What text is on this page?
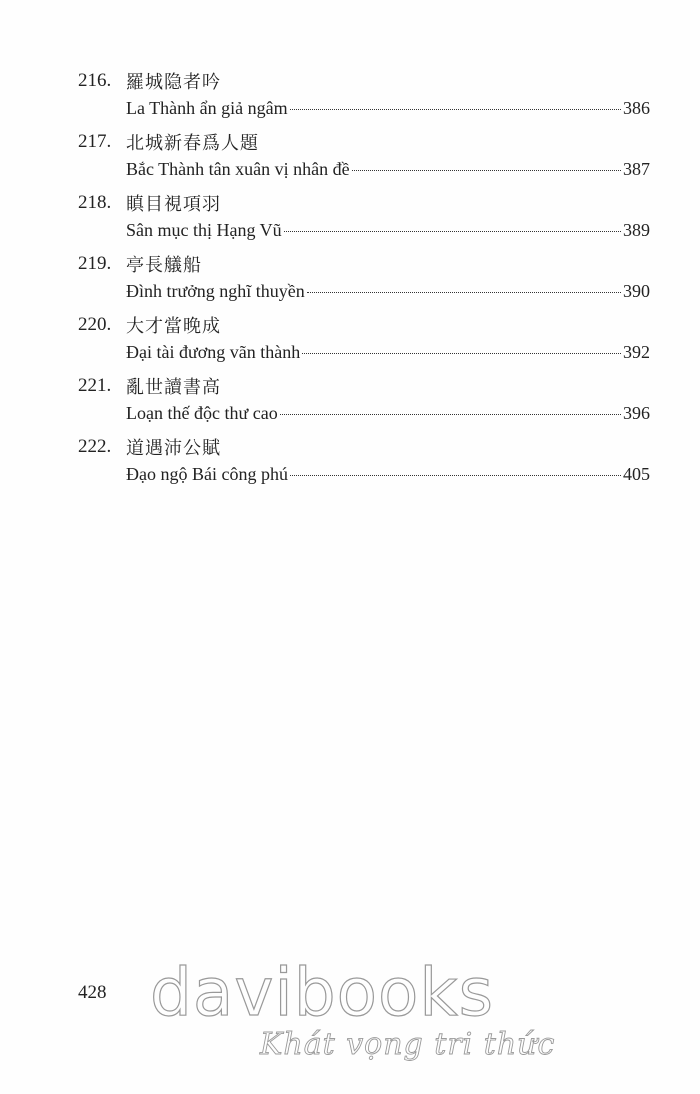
216. 羅城隐者吟
La Thành ẩn giả ngâm	386
217. 北城新春爲人題
Bắc Thành tân xuân vị nhân đề	387
218. 瞋目視項羽
Sân mục thị Hạng Vũ	389
219. 亭長艤船
Đình trưởng nghĩ thuyền	390
220. 大才當晚成
Đại tài đương vãn thành	392
221. 亂世讀書高
Loạn thế độc thư cao	396
222. 道遇沛公賦
Đạo ngộ Bái công phú	405
428 davibooks
Khát vọng tri thức
